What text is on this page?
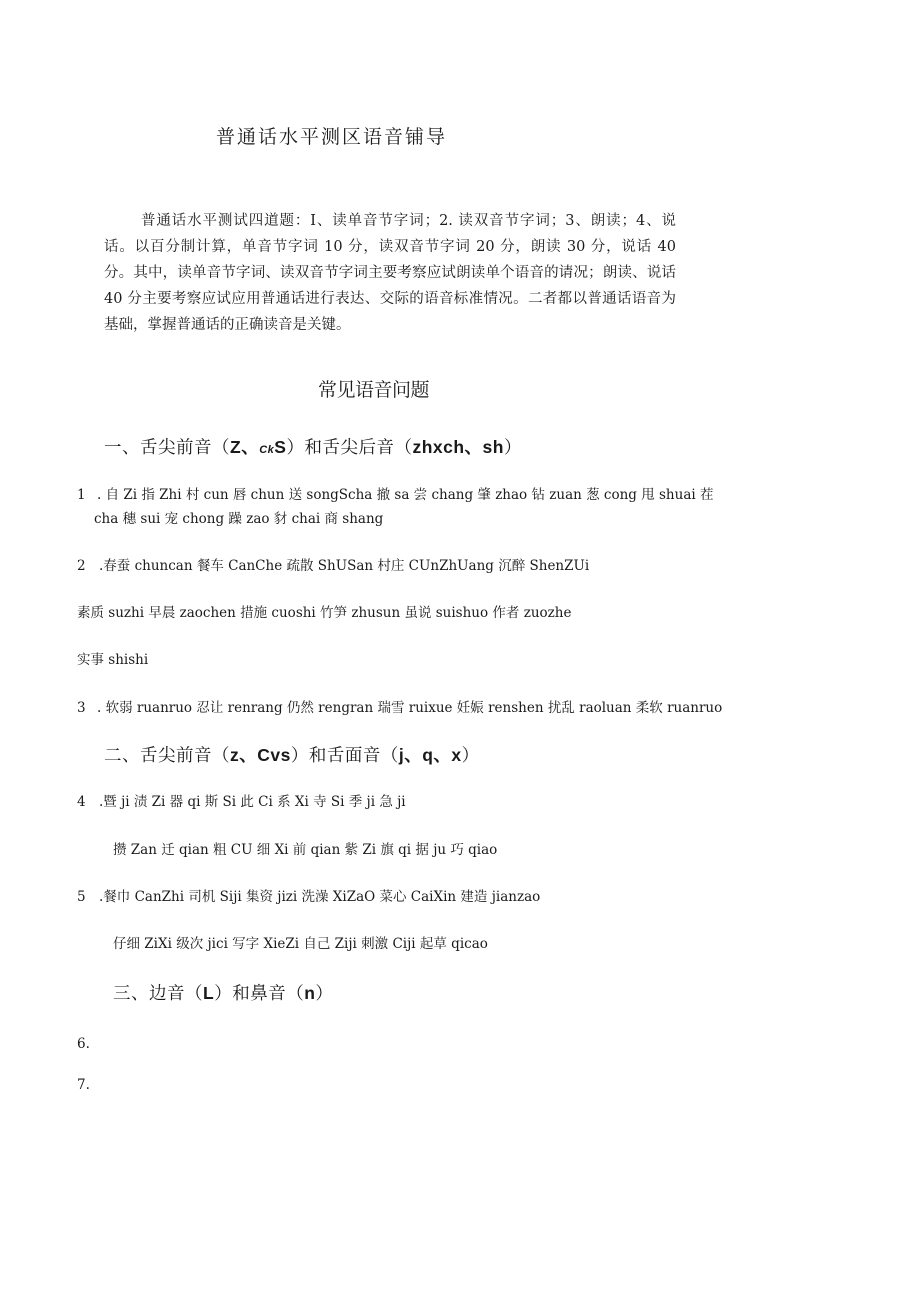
普通话水平测区语音铺导

普通话水平测试四道题：I、读单音节字词；2. 读双音节字词；3、朗读；4、说话。以百分制计算，单音节字词 10 分，读双音节字词 20 分，朗读 30 分，说话 40 分。其中，读单音节字词、读双音节字词主要考察应试朗读单个语音的请况；朗读、说话 40 分主要考察应试应用普通话进行表达、交际的语音标准情况。二者都以普通话语音为基础，掌握普通话的正确读音是关键。

常见语音问题
一、舌尖前音（Z、CkS）和舌尖后音（zhxch、sh）
1 . 自 Zi 指 Zhi 村 cun 唇 chun 送 songScha 撤 sa 尝 chang 肇 zhao 钻 zuan 葱 cong 甩 shuai 茬
cha 穗 sui 宠 chong 躁 zao 豺 chai 商 shang
2 .春蚕 chuncan 餐车 CanChe 疏散 ShUSan 村庄 CUnZhUang 沉醉 ShenZUi
素质 suzhi 早晨 zaochen 措施 cuoshi 竹笋 zhusun 虽说 suishuo 作者 zuozhe
实事 shishi
3 . 软弱 ruanruo 忍让 renrang 仍然 rengran 瑞雪 ruixue 妊娠 renshen 扰乱 raoluan 柔软 ruanruo
二、舌尖前音（z、Cvs）和舌面音（j、q、x）
4 .暨 ji 渍 Zi 器 qi 斯 Si 此 Ci 系 Xi 寺 Si 季 ji 急 ji
攒 Zan 迁 qian 粗 CU 细 Xi 前 qian 紫 Zi 旗 qi 据 ju 巧 qiao
5 .餐巾 CanZhi 司机 Siji 集资 jizi 洗澡 XiZaO 菜心 CaiXin 建造 jianzao
仔细 ZiXi 级次 jici 写字 XieZi 自己 Ziji 刺激 Ciji 起草 qicao
三、边音（L）和鼻音（n）
6.
7.
